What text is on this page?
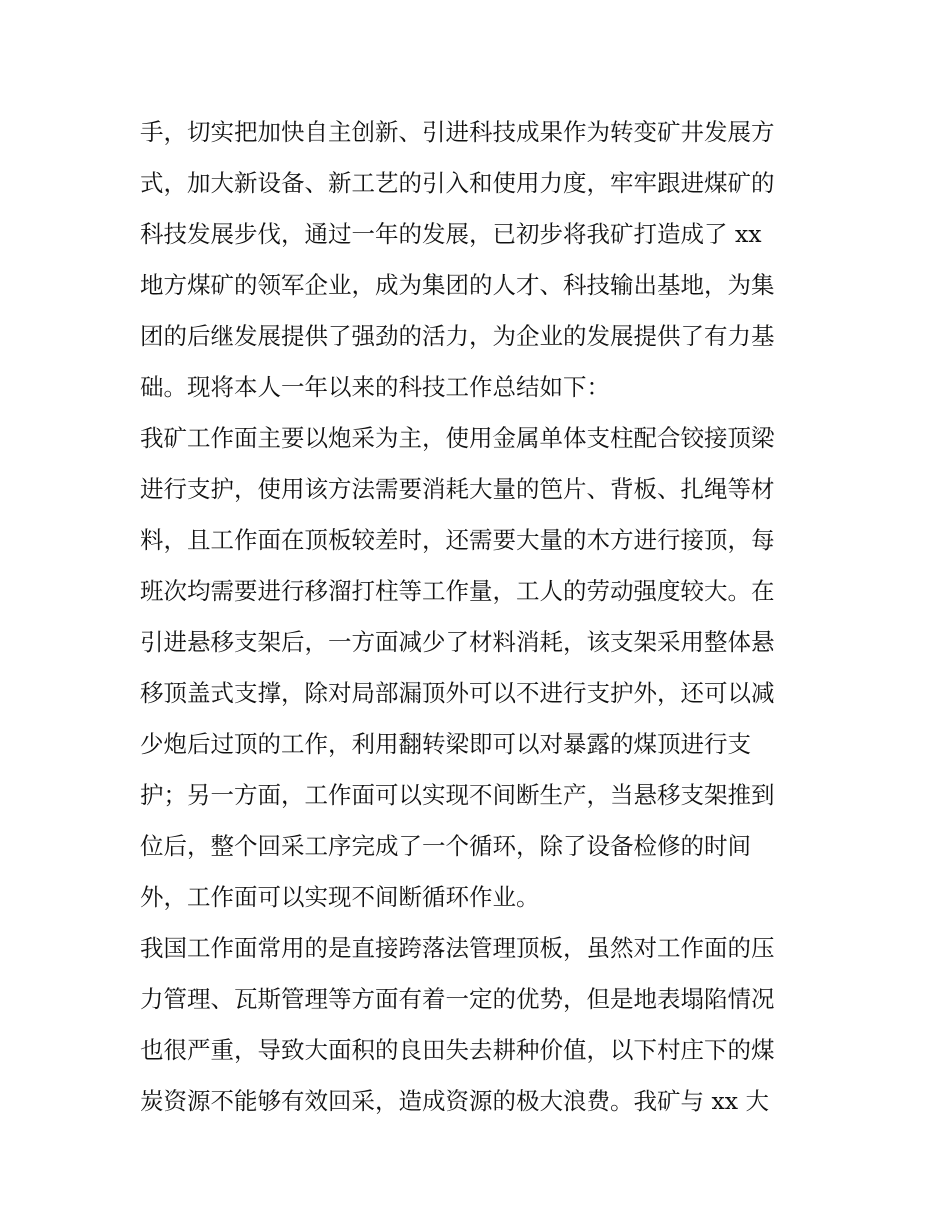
手，切实把加快自主创新、引进科技成果作为转变矿井发展方
式，加大新设备、新工艺的引入和使用力度，牢牢跟进煤矿的
科技发展步伐，通过一年的发展，已初步将我矿打造成了 xx
地方煤矿的领军企业，成为集团的人才、科技输出基地，为集
团的后继发展提供了强劲的活力，为企业的发展提供了有力基
础。现将本人一年以来的科技工作总结如下：
我矿工作面主要以炮采为主，使用金属单体支柱配合铰接顶梁
进行支护，使用该方法需要消耗大量的笆片、背板、扎绳等材
料，且工作面在顶板较差时，还需要大量的木方进行接顶，每
班次均需要进行移溜打柱等工作量，工人的劳动强度较大。在
引进悬移支架后，一方面减少了材料消耗，该支架采用整体悬
移顶盖式支撑，除对局部漏顶外可以不进行支护外，还可以减
少炮后过顶的工作，利用翻转梁即可以对暴露的煤顶进行支
护；另一方面，工作面可以实现不间断生产，当悬移支架推到
位后，整个回采工序完成了一个循环，除了设备检修的时间
外，工作面可以实现不间断循环作业。
我国工作面常用的是直接跨落法管理顶板，虽然对工作面的压
力管理、瓦斯管理等方面有着一定的优势，但是地表塌陷情况
也很严重，导致大面积的良田失去耕种价值，以下村庄下的煤
炭资源不能够有效回采，造成资源的极大浪费。我矿与 xx 大
